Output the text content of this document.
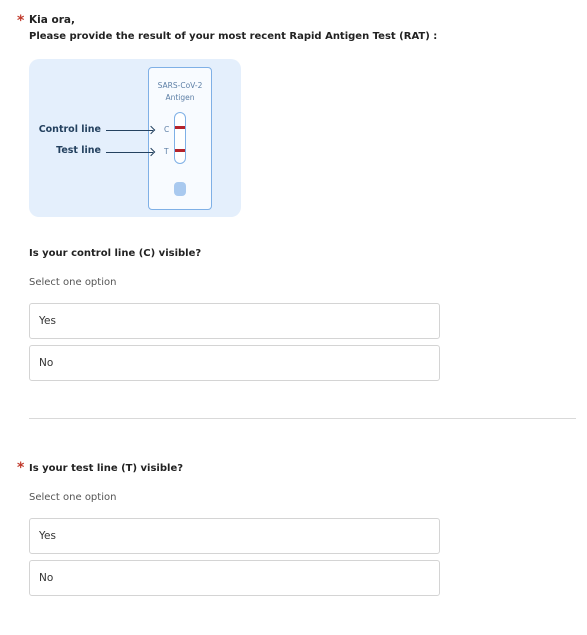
* Kia ora,
Please provide the result of your most recent Rapid Antigen Test (RAT) :
SARS-CoV-2
Antigen
Control line	C
Test line	T
Is your control line (C) visible?
Select one option
Yes
No
* Is your test line (T) visible?
Select one option
Yes
No
